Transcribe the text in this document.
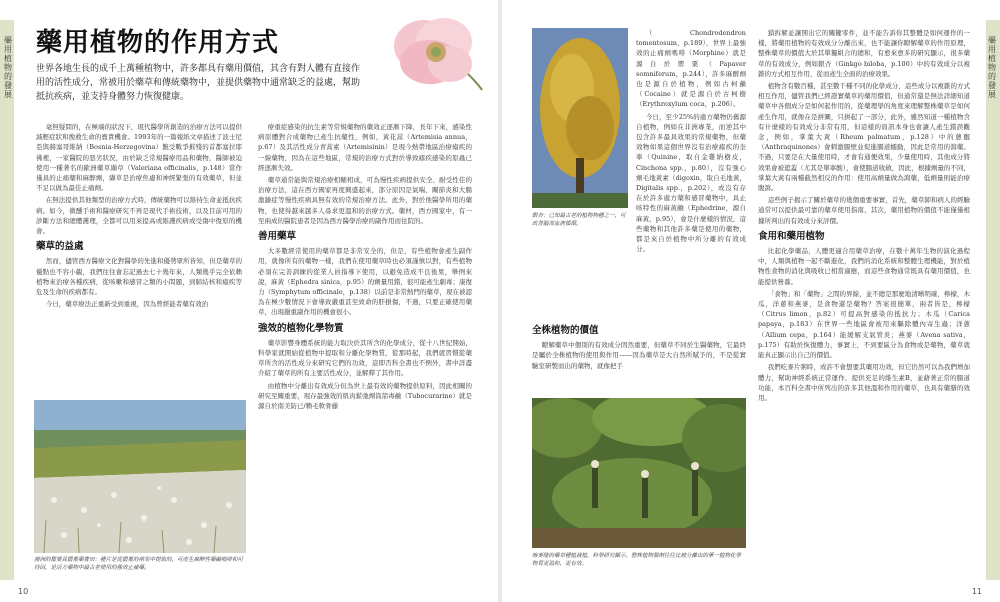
藥用植物的發展
藥用植物的作用方式
世界各地生長的成千上萬種植物中，許多都具有藥用價值，其含有對人體有直接作用的活性成分，常被用於藥草和傳統藥物中，並提供藥物中通常缺乏的益處，幫助抵抗疾病，並支持身體努力恢復健康。

毫無疑問的，在極端的狀況下，現代醫學所創造的治療方法可以提供減輕症狀和挽救生命的寶貴機會。1993年的一篇報紙文章描述了波士尼亞與赫塞哥維納（Bosnia-Herzegovina）飽受戰爭摧殘的首都塞拉耶佛裡，一家醫院的惡劣狀況，由於缺乏常規醫療用品和藥物，醫師被迫使用一種著名的歐洲藥草纈草（Valeriana officinalis，p.148）當作僅具的止痛藥和麻醉劑，纈草是治療焦慮和神經緊張的有效藥草，但並不足以做為最佳止痛劑。

在無法提供其他類型的治療方式時，傳統藥物可以維持生命並抵抗疾病。如今，微醺手術和醫療研究不再是現代手術技術，以及目前可用的診斷方法和總體護理，全都可以用來提高或維護疾病或受傷中復原的機會。

藥草的益處

然而，儘管西方醫療文化對醫學的先進和優勢眾所皆知，但是藥草的優點也不容小覷，我們往往會忘記過去七十幾年來，人類幾乎完全依賴植物來治療各種疾病，從咳嗽和感冒之類的小問題，到肺結核和瘧疾等危及生命的疾病都有。

今日，藥草療法正重新受到重視，因為曾經能者藥有效治

澳洲的罌粟其罌粟藥膏田：種片是從罌粟的蒴果中提取的，可產生麻醉性藥鹼嗎啡和可待因，是活方藥物中最古老使用的強效止痛藥。

療重症感染的抗生素等常規藥物的藥效正逐漸下降，長年下來，感染性病原體對合成藥物已產生抗藥性，例如，黃花蒿（Artemisia annua，p.67）及其活性成分青蒿素（Artemisinin）是現今熱帶地區治療瘧疾的一線藥物，因為在這些地區，常規的治療方式對於導致瘧疾感染的原蟲已經逐漸失效。

藥草通常能與常規治療相輔相成，可為慢性疾病提供安全、耐受性佳的治療方法，這在西方國家再度興盛起來，部分原因是氣喘、關節炎和大腸激躁症等慢性疾病具無有效的常規治療方法。此外，對於他醫學所用的藥物，也使得越來越多人尋求更溫和的治療方式。藥材，西方國家中，有一至兩成的醫院患者是因為西方醫學治療的副作用而住院的。

善用藥草

大多數經常使用的藥草都是非常安全的，但是，有些植物會產生副作用，就像所有的藥物一樣，我們在使用藥草時也必須謹慎以對，有些植物必須在完善訓練的從業人員指導下使用，以避免造成不良後果，舉例來說，麻黃（Ephedra sinica，p.95）的劑量用錯，很可能產生劇毒；康復力（Symphytum officinale，p.138）以前是非常熱門的藥草，現在被認為在極少數情況下會導致嚴重甚至致命的肝損傷，不過，只要正確使用藥草，出現嚴重副作用的機會很小。

強效的植物化學物質

藥草影響身體系統的能力取決於其所含的化學成分，從十八世紀開始，科學家就開始從植物中提取和分離化學物質，從那時起，我們就習慣從藥草所含的活性成分來研究它們的功效，這即否科全書也不例外，書中詳盡介紹了藥草的所有主要活性成分，並解釋了其作用。

由植物中分離出有效成分但為世上最有效的藥物提供原料，因此相關的研究至關重要，現存最強效的肌肉鬆弛劑筒箭毒鹼（Tubocurarine）就是源自於南美防已/賴毛軟骨藤

10
藥用植物的發展
銀杏：已知最古老的植物物種之一，可改善腦部血液循環。

（Chondrodendron tomentosum，p.189），世界上最強效的止痛劑嗎啡（Morphine）就是源自於罌粟（Papaver somniferum，p.244），許多麻醉劑也是源自於植物，例如古柯鹼（Cocaine）就是源自於古柯樹（Erythroxylum coca，p.206）。

今日，至少25%的處方藥物仍舊源自植物，例如在非洲專業，而逆其中包含許多最具效果的常規藥物，但藥效物如果這個世界沒有治療瘧疾的奎寧（Quinine，取自金雞納樹皮，Cinchona spp.，p.80），沒有強心劑毛地黃素（digoxin，取自毛地黃，Digitalis spp.，p.202），或沒有存在於許多處方藥和感冒藥物中，具止咳特性的麻黃鹼（Ephedrine，源自麻黃，p.95），會是什麼樣的情況，這些藥物和其他許多藥是使用的藥物，都是來自於植物中所分離的有效成分。

全株植物的價值

瞭解藥草中個別的有效成分固然重要，但藥草不同於生醫藥物，它最終是屬於全株植物的使用與作用——因為藥草是大自然所賦予的，不是從實驗室研製而出的藥物，就像把手

喀麥隆的藥草種植栽植，科學研究顯示，整株植物製劑往往比被分離出的單一植物化學物質更溫和、更有效。

鎖拆解並讓開出它的關鍵零件，並不能告訴你其整體是如何運作的一樣，將藥用植物的有效成分分離出來，也不能讓你瞭解藥草的作用原理，整株藥草的價值大於其單獨組合的總和，有愈來愈多的研究顯示，很多藥草的有效成分，例如銀杏（Ginkgo biloba，p.100）中的有效成分以複雜的方式相互作用，從而產生全面的治療效果。

植物含有數百種，甚至數千種不同的化學成分，這些成分以複雜的方式相互作用，儘管我們已經證實藥草的藥用價值，但通常還是無法詳細知道藥草中各個成分是如何起作用的，從藥理學的角度來理解整株藥草是如何產生作用，就像在是拼圖，只拼起了一部分，此外，雖然知道一種植物含有什麼樣的有效成分非常有用，但這樣的資訊本身也會讓人產生錯誤觀念，例如，掌葉大黃（Rheum palmatum，p.128）中的蒽醌（Anthraquinones）會刺激腸壁並促進腸道蠕動，因此是常用的瀉藥。不過，只要是在大量使用時，才會有通便效果，少量使用時，其他成分將效果會被遮蓋（尤其是單寧酸），會使腸道收斂，因此，根據劑量的不同，掌葉大黃有兩種截然相反的作用：使用高劑量做為瀉藥，低劑量則能治療腹瀉。

這些例子揭示了關於藥草的幾個重要事實，首先，藥草師和病人的經驗通常可以提供最可靠的藥草使用指南，其次，藥用植物的價值不能僅僅根據所判出的有效成分來評價。

食用和藥用植物

比起化學藥品，人體更適合用藥草治療，在數十萬年生物的演化過程中，人類與植物一起不斷進化，我們的消化系統和整體生理機能，對於植物性食物的消化與吸收已相當適應，而這些食物通常既具有藥用價值，也能提供營養。

「食物」和「藥物」之間的界線，並不總是那麼地清晰明確，檸檬，木瓜，洋蔥和燕麥，是食物還是藥物？答案很簡單，兩者皆是，檸檬（Citrus limon，p.82）可提高對感染的抵抗力；木瓜（Carica papaya，p.183）在世界一些地區會被用來驅除體內寄生蟲；洋蔥（Allium cepa，p.164）能緩解支氣管炎；燕麥（Avena sativa，p.175）有助於恢復體力，事實上，不到要區分為食物或是藥物，藥草就能真正顯示出自己的價值。

我們吃麥片粥時，或許不會想要其藥用功效，但它仍然可以為我們增加體力，幫助神經系統正常運作，提供充足的維生素B，並藉著正常的腸道功能，本百科全書中所列出的許多其他溫和作用的藥草，也具有藥膳的效用。

11
